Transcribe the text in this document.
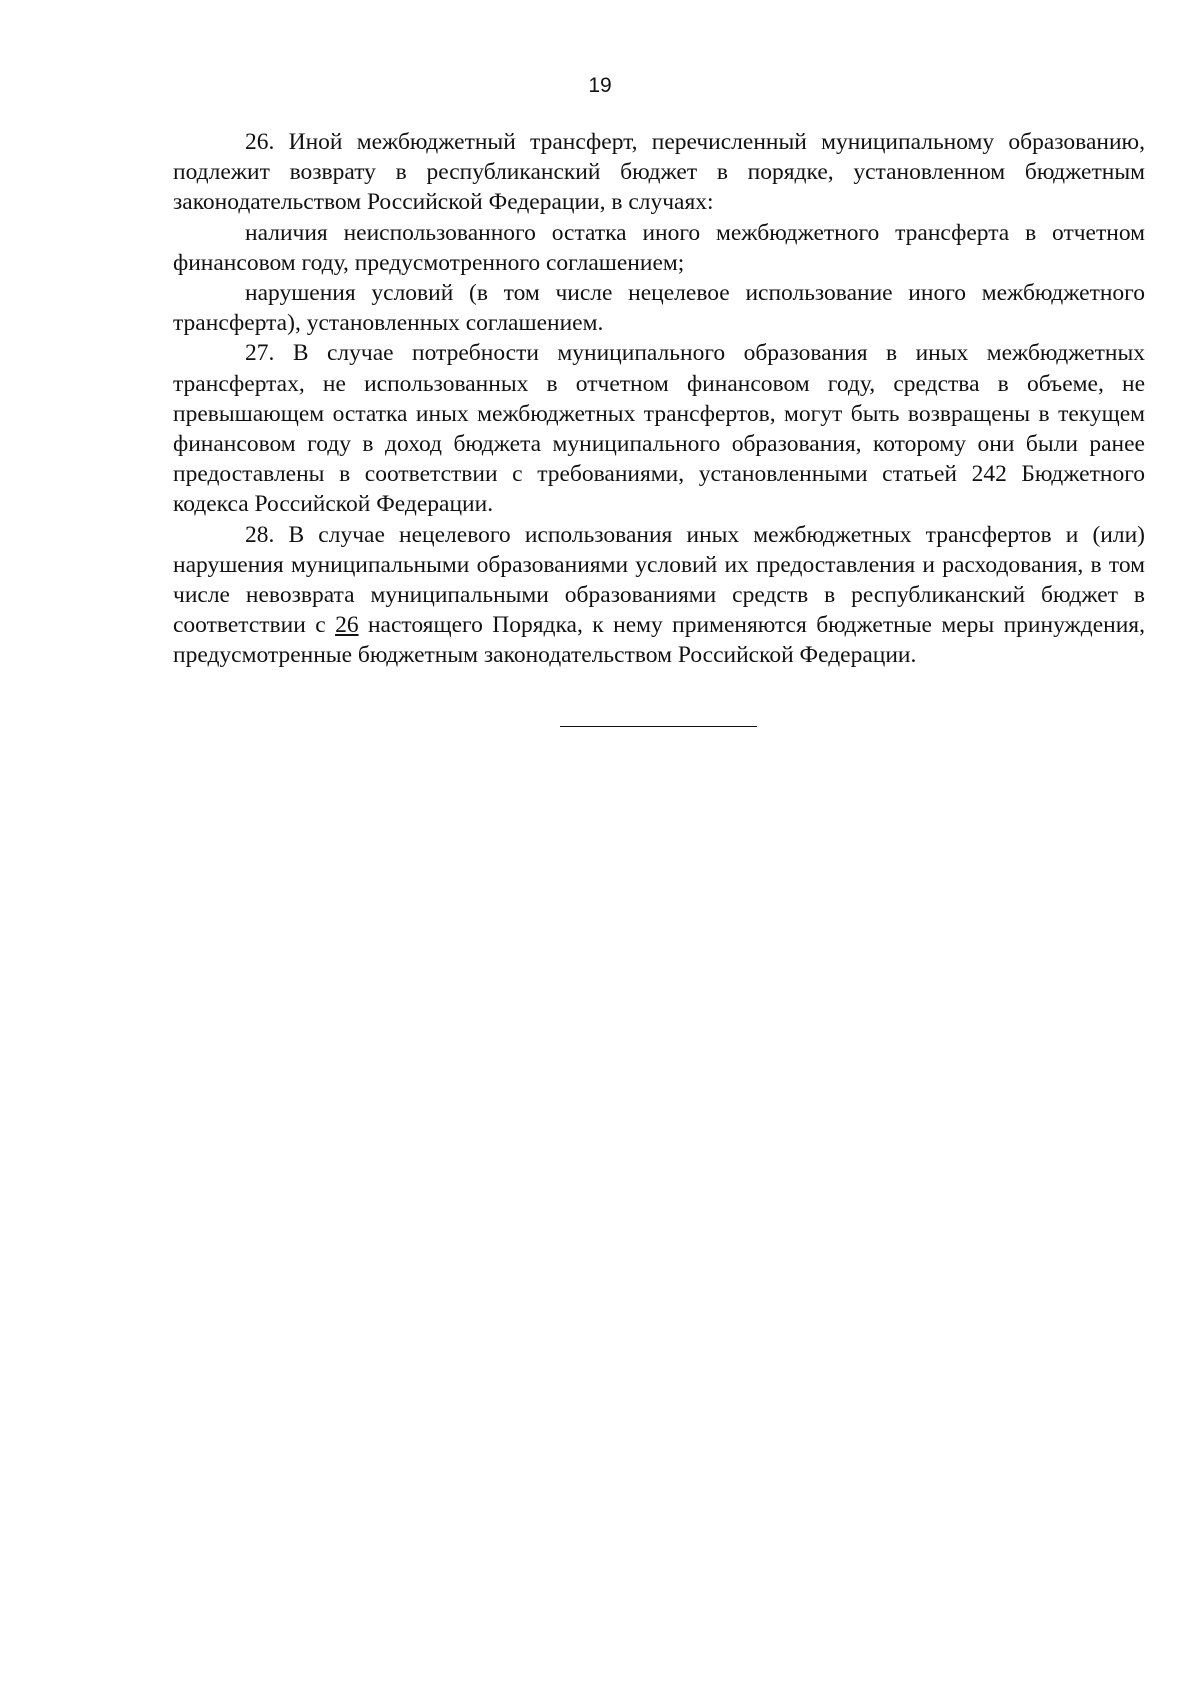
19

26. Иной межбюджетный трансферт, перечисленный муниципальному образованию, подлежит возврату в республиканский бюджет в порядке, установленном бюджетным законодательством Российской Федерации, в случаях:

наличия неиспользованного остатка иного межбюджетного трансферта в отчетном финансовом году, предусмотренного соглашением;

нарушения условий (в том числе нецелевое использование иного межбюджетного трансферта), установленных соглашением.

27. В случае потребности муниципального образования в иных межбюджетных трансфертах, не использованных в отчетном финансовом году, средства в объеме, не превышающем остатка иных межбюджетных трансфертов, могут быть возвращены в текущем финансовом году в доход бюджета муниципального образования, которому они были ранее предоставлены в соответствии с требованиями, установленными статьей 242 Бюджетного кодекса Российской Федерации.

28. В случае нецелевого использования иных межбюджетных трансфертов и (или) нарушения муниципальными образованиями условий их предоставления и расходования, в том числе невозврата муниципальными образованиями средств в республиканский бюджет в соответствии с 26 настоящего Порядка, к нему применяются бюджетные меры принуждения, предусмотренные бюджетным законодательством Российской Федерации.
